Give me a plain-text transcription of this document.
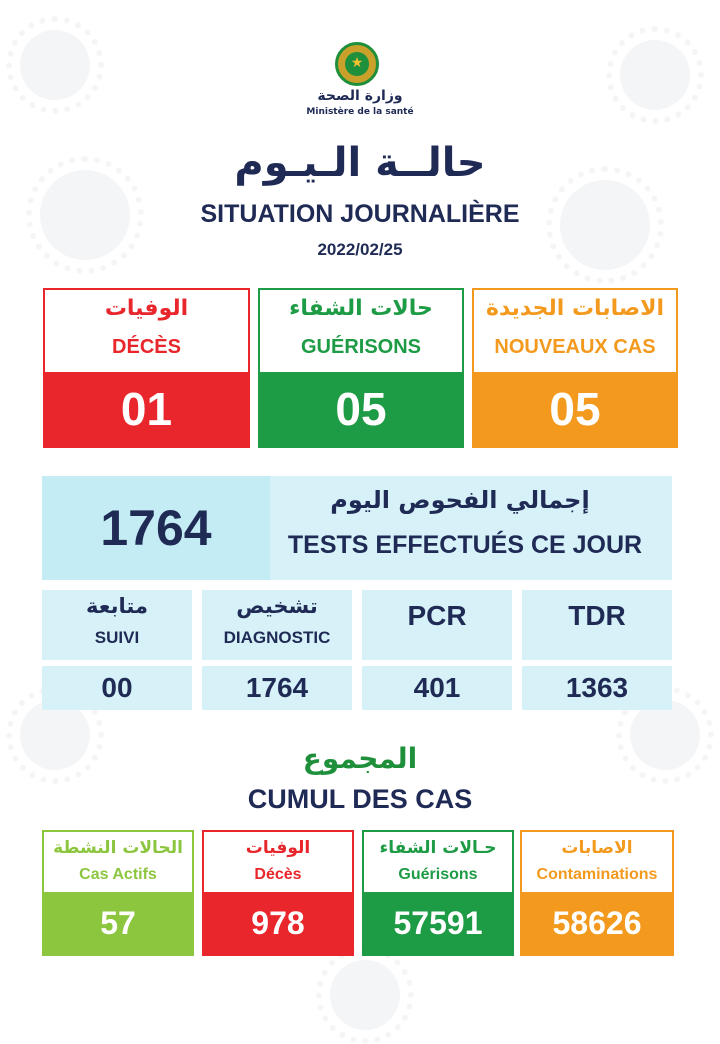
★
وزارة الصحة
Ministère de la santé
حالــة الـيـوم
SITUATION JOURNALIÈRE
2022/02/25
الوفيات
DÉCÈS
01
حالات الشفاء
GUÉRISONS
05
الاصابات الجديدة
NOUVEAUX CAS
05
1764	إجمالي الفحوص اليوم
TESTS EFFECTUÉS CE JOUR
متابعة
SUIVI
00
تشخيص
DIAGNOSTIC
1764
PCR
401
TDR
1363
المجموع
CUMUL DES CAS
الحالات النشطة
Cas Actifs
57
الوفيات
Décès
978
حـالات الشفاء
Guérisons
57591
الاصابات
Contaminations
58626
